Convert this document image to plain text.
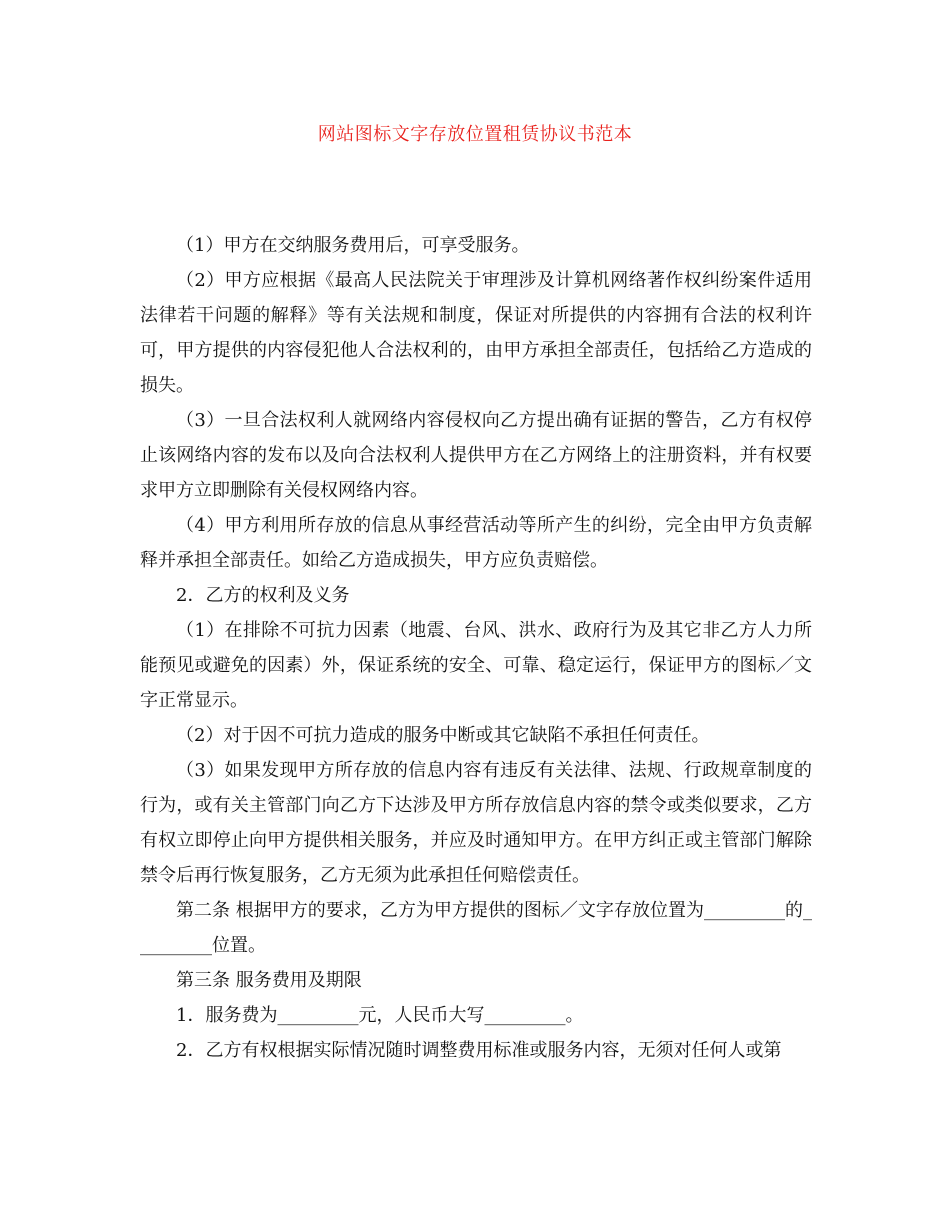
网站图标文字存放位置租赁协议书范本

（1）甲方在交纳服务费用后，可享受服务。

（2）甲方应根据《最高人民法院关于审理涉及计算机网络著作权纠纷案件适用法律若干问题的解释》等有关法规和制度，保证对所提供的内容拥有合法的权利许可，甲方提供的内容侵犯他人合法权利的，由甲方承担全部责任，包括给乙方造成的损失。

（3）一旦合法权利人就网络内容侵权向乙方提出确有证据的警告，乙方有权停止该网络内容的发布以及向合法权利人提供甲方在乙方网络上的注册资料，并有权要求甲方立即删除有关侵权网络内容。

（4）甲方利用所存放的信息从事经营活动等所产生的纠纷，完全由甲方负责解释并承担全部责任。如给乙方造成损失，甲方应负责赔偿。

2．乙方的权利及义务

（1）在排除不可抗力因素（地震、台风、洪水、政府行为及其它非乙方人力所能预见或避免的因素）外，保证系统的安全、可靠、稳定运行，保证甲方的图标／文字正常显示。

（2）对于因不可抗力造成的服务中断或其它缺陷不承担任何责任。

（3）如果发现甲方所存放的信息内容有违反有关法律、法规、行政规章制度的行为，或有关主管部门向乙方下达涉及甲方所存放信息内容的禁令或类似要求，乙方有权立即停止向甲方提供相关服务，并应及时通知甲方。在甲方纠正或主管部门解除禁令后再行恢复服务，乙方无须为此承担任何赔偿责任。

第二条 根据甲方的要求，乙方为甲方提供的图标／文字存放位置为_________的_________位置。

第三条 服务费用及期限

1．服务费为_________元，人民币大写_________。

2．乙方有权根据实际情况随时调整费用标准或服务内容，无须对任何人或第
